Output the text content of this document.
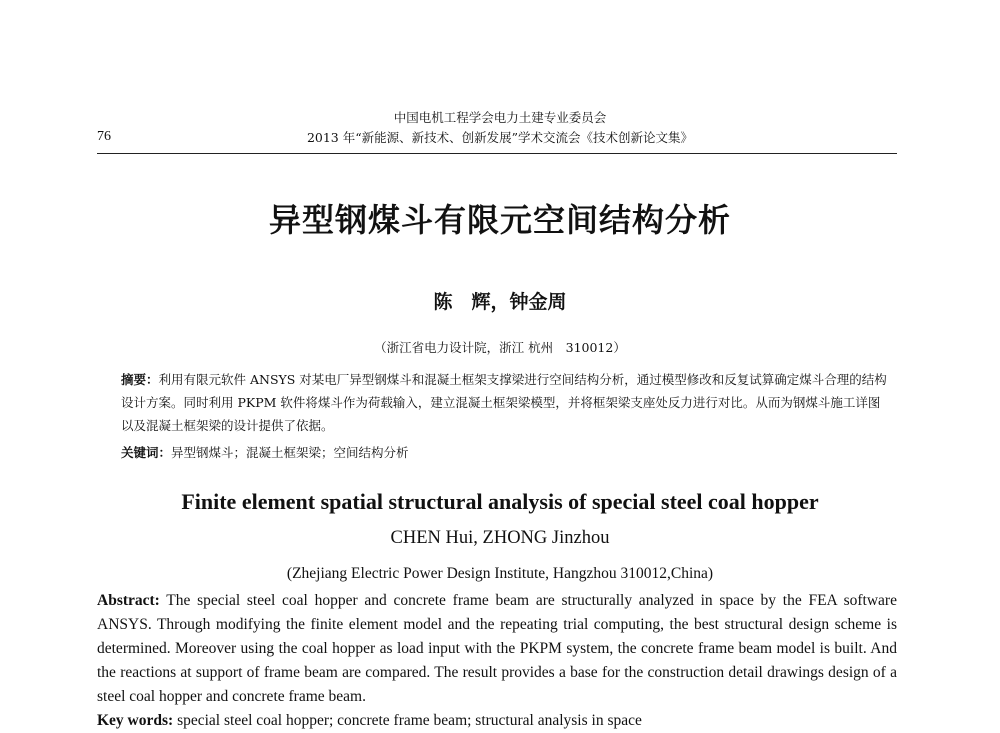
76
中国电机工程学会电力土建专业委员会
2013 年“新能源、新技术、创新发展”学术交流会《技术创新论文集》
异型钢煤斗有限元空间结构分析
陈　辉，钟金周
（浙江省电力设计院，浙江 杭州　310012）
摘要：利用有限元软件 ANSYS 对某电厂异型钢煤斗和混凝土框架支撑梁进行空间结构分析，通过模型修改和反复试算确定煤斗合理的结构设计方案。同时利用 PKPM 软件将煤斗作为荷载输入，建立混凝土框架梁模型，并将框架梁支座处反力进行对比。从而为钢煤斗施工详图以及混凝土框架梁的设计提供了依据。
关键词：异型钢煤斗；混凝土框架梁；空间结构分析
Finite element spatial structural analysis of special steel coal hopper
CHEN Hui, ZHONG Jinzhou
(Zhejiang Electric Power Design Institute, Hangzhou 310012,China)
Abstract: The special steel coal hopper and concrete frame beam are structurally analyzed in space by the FEA software ANSYS. Through modifying the finite element model and the repeating trial computing, the best structural design scheme is determined. Moreover using the coal hopper as load input with the PKPM system, the concrete frame beam model is built. And the reactions at support of frame beam are compared. The result provides a base for the construction detail drawings design of a steel coal hopper and concrete frame beam.
Key words: special steel coal hopper; concrete frame beam; structural analysis in space
